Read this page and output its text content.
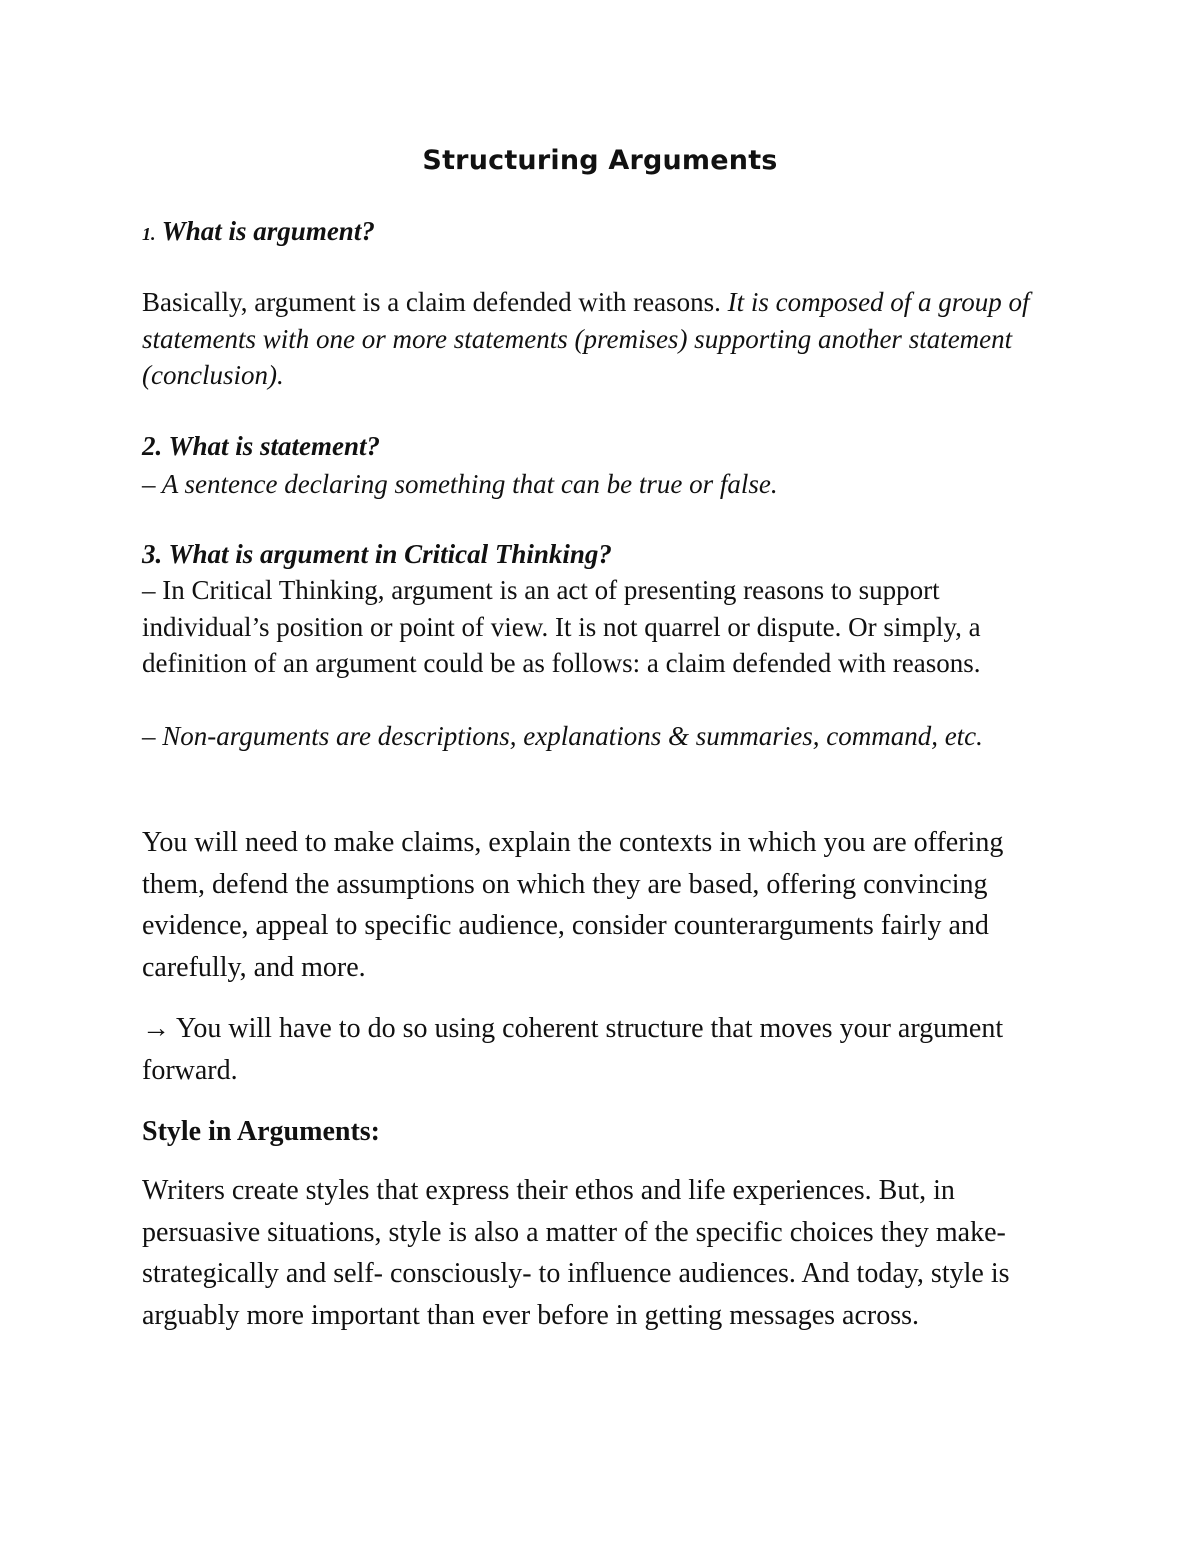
Structuring Arguments
1. What is argument?

Basically, argument is a claim defended with reasons. It is composed of a group of statements with one or more statements (premises) supporting another statement (conclusion).

2. What is statement?

– A sentence declaring something that can be true or false.

3. What is argument in Critical Thinking?

– In Critical Thinking, argument is an act of presenting reasons to support individual’s position or point of view. It is not quarrel or dispute. Or simply, a definition of an argument could be as follows: a claim defended with reasons.

– Non-arguments are descriptions, explanations & summaries, command, etc.

You will need to make claims, explain the contexts in which you are offering them, defend the assumptions on which they are based, offering convincing evidence, appeal to specific audience, consider counterarguments fairly and carefully, and more.

→ You will have to do so using coherent structure that moves your argument forward.

Style in Arguments:

Writers create styles that express their ethos and life experiences. But, in persuasive situations, style is also a matter of the specific choices they make- strategically and self- consciously- to influence audiences. And today, style is arguably more important than ever before in getting messages across.
